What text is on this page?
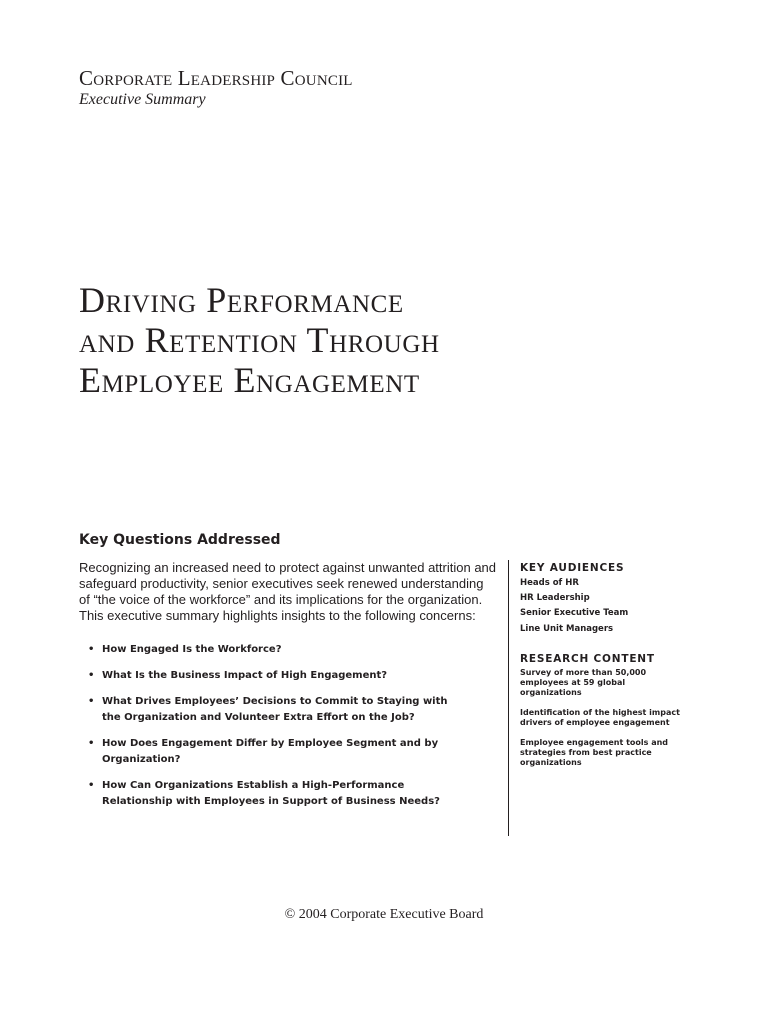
Corporate Leadership Council
Executive Summary
Driving Performance
and Retention Through
Employee Engagement
Key Questions Addressed
Recognizing an increased need to protect against unwanted attrition and
safeguard productivity, senior executives seek renewed understanding
of “the voice of the workforce” and its implications for the organization.
This executive summary highlights insights to the following concerns:
• How Engaged Is the Workforce?
• What Is the Business Impact of High Engagement?
• What Drives Employees’ Decisions to Commit to Staying with
the Organization and Volunteer Extra Effort on the Job?
• How Does Engagement Differ by Employee Segment and by
Organization?
• How Can Organizations Establish a High-Performance
Relationship with Employees in Support of Business Needs?
KEY AUDIENCES
Heads of HR
HR Leadership
Senior Executive Team
Line Unit Managers
RESEARCH CONTENT
Survey of more than 50,000
employees at 59 global
organizations
Identification of the highest impact
drivers of employee engagement
Employee engagement tools and
strategies from best practice
organizations
© 2004 Corporate Executive Board
